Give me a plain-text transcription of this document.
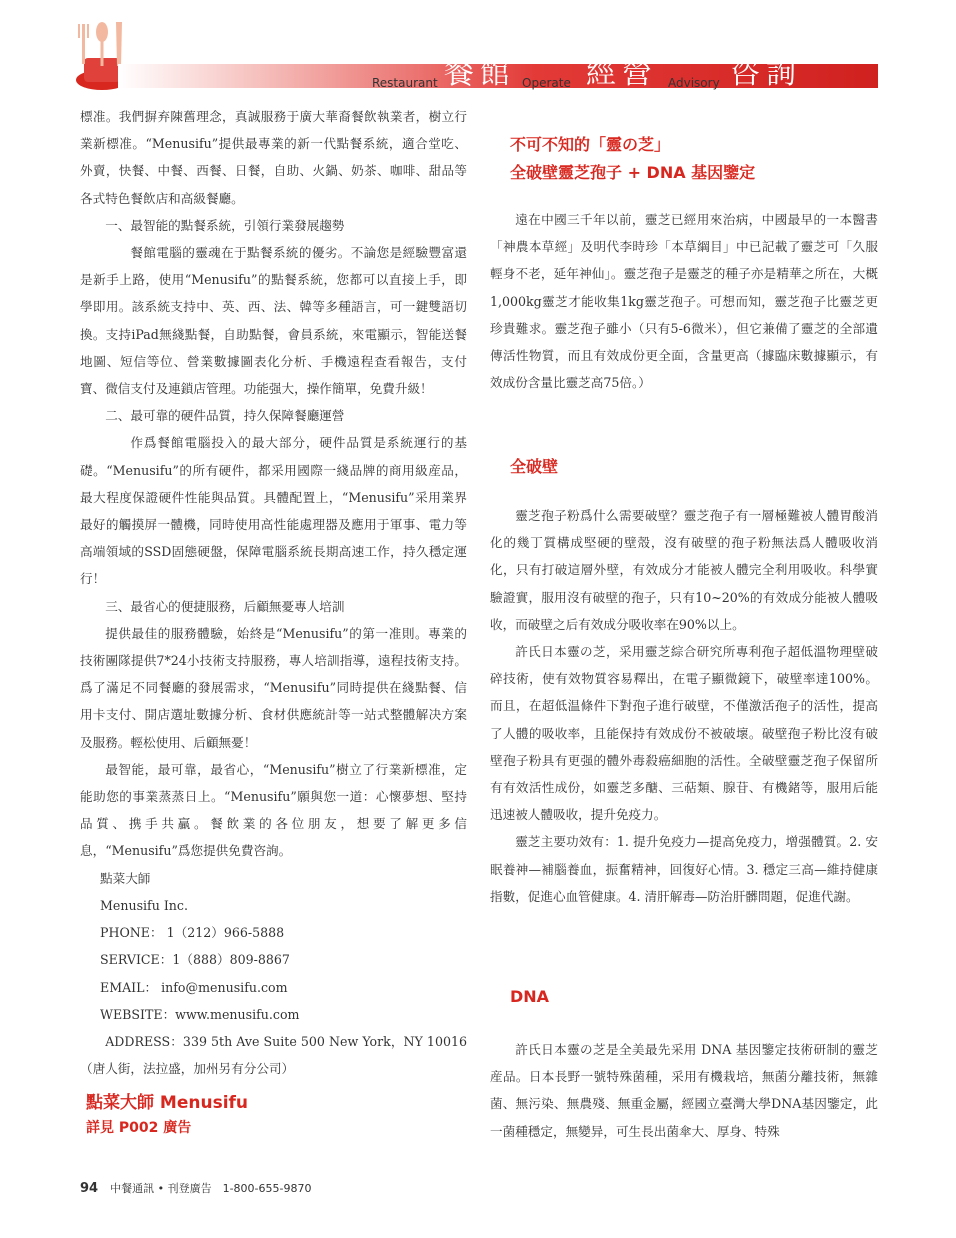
Restaurant 餐館 Operate 經營 Advisory 咨詢

標准。我們摒弃陳舊理念，真誠服務于廣大華裔餐飲執業者，樹立行業新標准。“Menusifu”提供最專業的新一代點餐系統，適合堂吃、外賣，快餐、中餐、西餐、日餐，自助、火鍋、奶茶、咖啡、甜品等各式特色餐飲店和高級餐廳。

一、最智能的點餐系統，引領行業發展趨勢

餐館電腦的靈魂在于點餐系統的優劣。不論您是經驗豐富還是新手上路，使用“Menusifu”的點餐系統，您都可以直接上手，即學即用。該系統支持中、英、西、法、韓等多種語言，可一鍵雙語切換。支持iPad無綫點餐，自助點餐，會員系統，來電顯示，智能送餐地圖、短信等位、營業數據圖表化分析、手機遠程查看報告，支付寶、微信支付及連鎖店管理。功能强大，操作簡單，免費升級！

二、最可靠的硬件品質，持久保障餐廳運營

作爲餐館電腦投入的最大部分，硬件品質是系統運行的基礎。“Menusifu”的所有硬件，都采用國際一綫品牌的商用級産品，最大程度保證硬件性能與品質。具體配置上，“Menusifu”采用業界最好的觸摸屏一體機，同時使用高性能處理器及應用于軍事、電力等高端領域的SSD固態硬盤，保障電腦系統長期高速工作，持久穩定運行！

三、最省心的便捷服務，后顧無憂專人培訓

提供最佳的服務體驗，始終是“Menusifu”的第一准則。專業的技術團隊提供7*24小技術支持服務，專人培訓指導，遠程技術支持。爲了滿足不同餐廳的發展需求，“Menusifu”同時提供在綫點餐、信用卡支付、開店選址數據分析、食材供應統計等一站式整體解决方案及服務。輕松使用、后顧無憂！

最智能，最可靠，最省心，“Menusifu”樹立了行業新標准，定能助您的事業蒸蒸日上。“Menusifu”願與您一道：心懷夢想、堅持品質、携手共贏。餐飲業的各位朋友，想要了解更多信息，“Menusifu”爲您提供免費咨詢。

點菜大師

Menusifu Inc.

PHONE： 1（212）966-5888

SERVICE：1（888）809-8867

EMAIL： info@menusifu.com

WEBSITE：www.menusifu.com

ADDRESS：339 5th Ave Suite 500 New York，NY 10016（唐人街，法拉盛，加州另有分公司）

點菜大師 Menusifu
詳見 P002 廣告
不可不知的「靈の芝」
全破壁靈芝孢子 + DNA 基因鑒定

遠在中國三千年以前，靈芝已經用來治病，中國最早的一本醫書「神農本草經」及明代李時珍「本草綱目」中已記載了靈芝可「久服輕身不老，延年神仙」。靈芝孢子是靈芝的種子亦是精華之所在，大概1,000kg靈芝才能收集1kg靈芝孢子。可想而知，靈芝孢子比靈芝更珍貴難求。靈芝孢子雖小（只有5-6微米），但它兼備了靈芝的全部遺傳活性物質，而且有效成份更全面，含量更高（據臨床數據顯示，有效成份含量比靈芝高75倍。）

全破壁

靈芝孢子粉爲什么需要破壁？靈芝孢子有一層極難被人體胃酸消化的幾丁質構成堅硬的壁殼，沒有破壁的孢子粉無法爲人體吸收消化，只有打破這層外壁，有效成分才能被人體完全利用吸收。科學實驗證實，服用沒有破壁的孢子，只有10~20%的有效成分能被人體吸收，而破壁之后有效成分吸收率在90%以上。

許氏日本靈の芝，采用靈芝綜合研究所專利孢子超低溫物理壁破碎技術，使有效物質容易釋出，在電子顯微鏡下，破壁率達100%。而且，在超低温條件下對孢子進行破壁，不僅激活孢子的活性，提高了人體的吸收率，且能保持有效成份不被破壞。破壁孢子粉比沒有破壁孢子粉具有更强的體外毒殺癌細胞的活性。全破壁靈芝孢子保留所有有效活性成份，如靈芝多醣、三萜類、腺苷、有機鍺等，服用后能迅速被人體吸收，提升免疫力。

靈芝主要功效有：1. 提升免疫力—提高免疫力，增强體質。2. 安眠養神—補腦養血，振奮精神，回復好心情。3. 穩定三高—維持健康指數，促進心血管健康。4. 清肝解毒—防治肝髒問題，促進代謝。

DNA

許氏日本靈の芝是全美最先采用 DNA 基因鑒定技術研制的靈芝産品。日本長野一號特殊菌種，采用有機栽培，無菌分離技術，無雜菌、無污染、無農殘、無重金屬，經國立臺灣大學DNA基因鑒定，此一菌種穩定，無變异，可生長出菌傘大、厚身、特殊

94 中餐通訊 • 刊登廣告　1-800-655-9870
